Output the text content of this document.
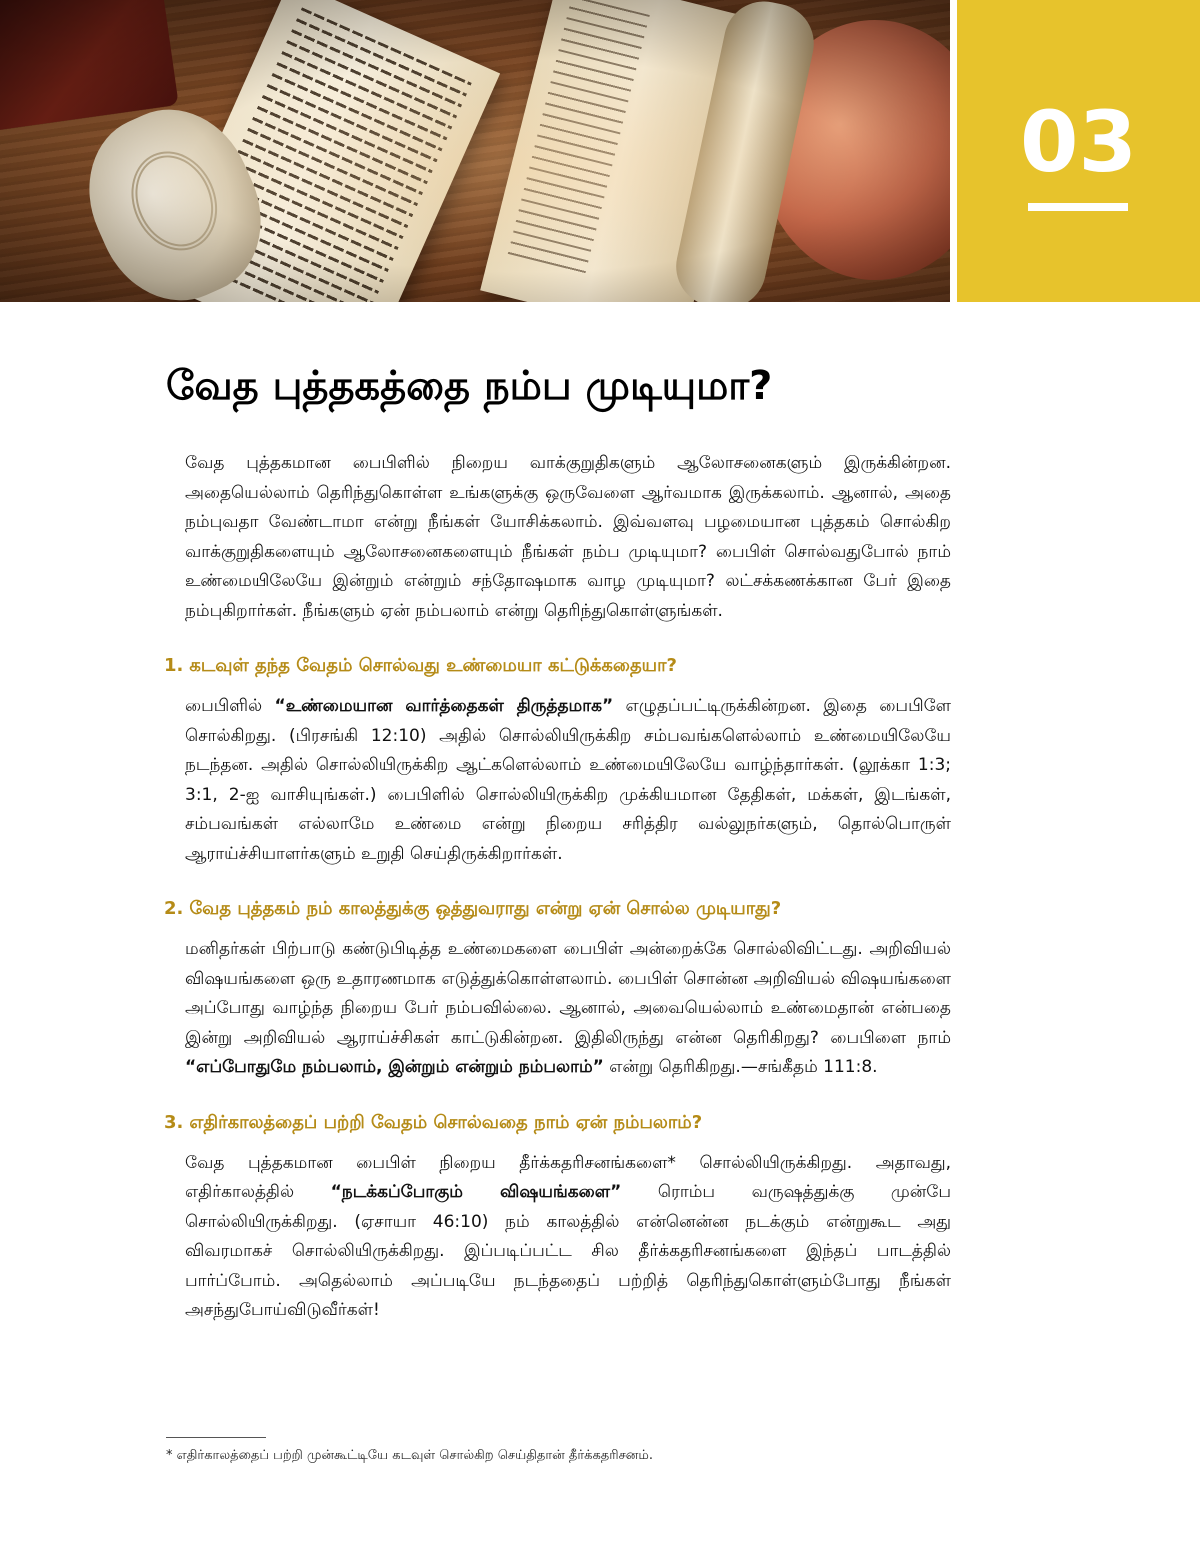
03
வேத புத்தகத்தை நம்ப முடியுமா?

வேத புத்தகமான பைபிளில் நிறைய வாக்குறுதிகளும் ஆலோசனைகளும் இருக்கின்றன. அதையெல்லாம் தெரிந்துகொள்ள உங்களுக்கு ஒருவேளை ஆர்வமாக இருக்கலாம். ஆனால், அதை நம்புவதா வேண்டாமா என்று நீங்கள் யோசிக்கலாம். இவ்வளவு பழமையான புத்தகம் சொல்கிற வாக்குறுதிகளையும் ஆலோசனைகளையும் நீங்கள் நம்ப முடியுமா? பைபிள் சொல்வதுபோல் நாம் உண்மையிலேயே இன்றும் என்றும் சந்தோஷமாக வாழ முடியுமா? லட்சக்கணக்கான பேர் இதை நம்புகிறார்கள். நீங்களும் ஏன் நம்பலாம் என்று தெரிந்துகொள்ளுங்கள்.

1. கடவுள் தந்த வேதம் சொல்வது உண்மையா கட்டுக்கதையா?

பைபிளில் “உண்மையான வார்த்தைகள் திருத்தமாக” எழுதப்பட்டிருக்கின்றன. இதை பைபிளே சொல்கிறது. (பிரசங்கி 12:10) அதில் சொல்லியிருக்கிற சம்பவங்களெல்லாம் உண்மையிலேயே நடந்தன. அதில் சொல்லியிருக்கிற ஆட்களெல்லாம் உண்மையிலேயே வாழ்ந்தார்கள். (லூக்கா 1:3; 3:1, 2-ஐ வாசியுங்கள்.) பைபிளில் சொல்லியிருக்கிற முக்கியமான தேதிகள், மக்கள், இடங்கள், சம்பவங்கள் எல்லாமே உண்மை என்று நிறைய சரித்திர வல்லுநர்களும், தொல்பொருள் ஆராய்ச்சியாளர்களும் உறுதி செய்திருக்கிறார்கள்.

2. வேத புத்தகம் நம் காலத்துக்கு ஒத்துவராது என்று ஏன் சொல்ல முடியாது?

மனிதர்கள் பிற்பாடு கண்டுபிடித்த உண்மைகளை பைபிள் அன்றைக்கே சொல்லிவிட்டது. அறிவியல் விஷயங்களை ஒரு உதாரணமாக எடுத்துக்கொள்ளலாம். பைபிள் சொன்ன அறிவியல் விஷயங்களை அப்போது வாழ்ந்த நிறைய பேர் நம்பவில்லை. ஆனால், அவையெல்லாம் உண்மைதான் என்பதை இன்று அறிவியல் ஆராய்ச்சிகள் காட்டுகின்றன. இதிலிருந்து என்ன தெரிகிறது? பைபிளை நாம் “எப்போதுமே நம்பலாம், இன்றும் என்றும் நம்பலாம்” என்று தெரிகிறது.—சங்கீதம் 111:8.

3. எதிர்காலத்தைப் பற்றி வேதம் சொல்வதை நாம் ஏன் நம்பலாம்?

வேத புத்தகமான பைபிள் நிறைய தீர்க்கதரிசனங்களை* சொல்லியிருக்கிறது. அதாவது, எதிர்காலத்தில் “நடக்கப்போகும் விஷயங்களை” ரொம்ப வருஷத்துக்கு முன்பே சொல்லியிருக்கிறது. (ஏசாயா 46:10) நம் காலத்தில் என்னென்ன நடக்கும் என்றுகூட அது விவரமாகச் சொல்லியிருக்கிறது. இப்படிப்பட்ட சில தீர்க்கதரிசனங்களை இந்தப் பாடத்தில் பார்ப்போம். அதெல்லாம் அப்படியே நடந்ததைப் பற்றித் தெரிந்துகொள்ளும்போது நீங்கள் அசந்துபோய்விடுவீர்கள்!

* எதிர்காலத்தைப் பற்றி முன்கூட்டியே கடவுள் சொல்கிற செய்திதான் தீர்க்கதரிசனம்.
